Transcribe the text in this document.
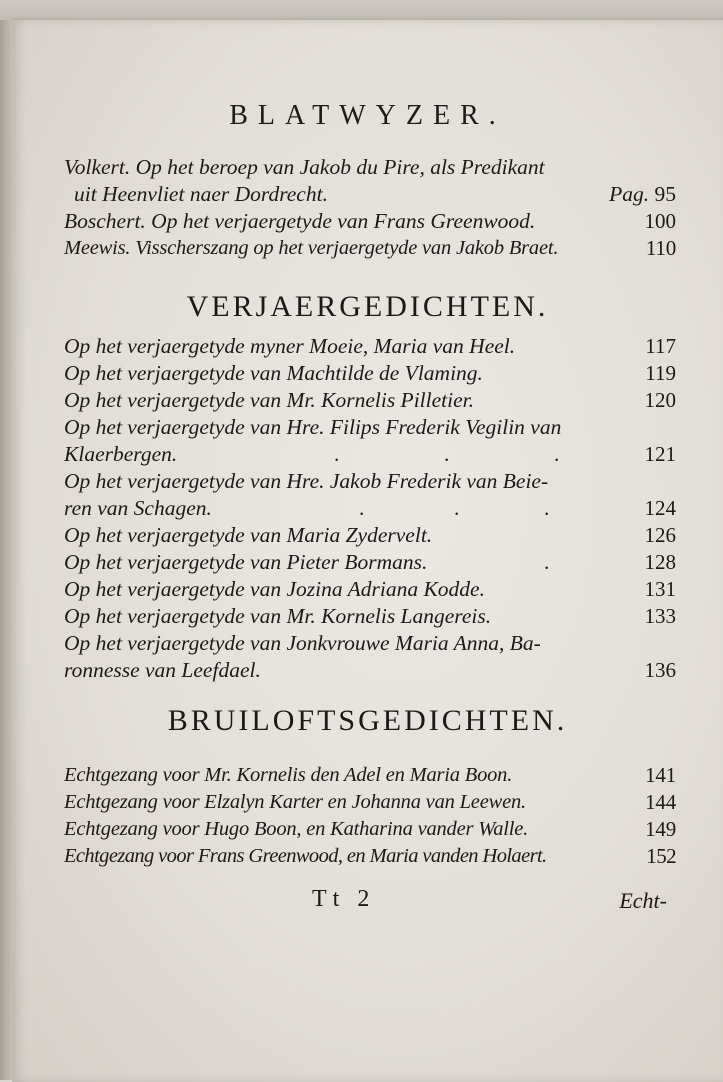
BLATWYZER.
Volkert. Op het beroep van Jakob du Pire, als Predikant
uit Heenvliet naer Dordrecht.	Pag. 95
Boschert. Op het verjaergetyde van Frans Greenwood.	100
Meewis. Visscherszang op het verjaergetyde van Jakob Braet.	110
VERJAERGEDICHTEN.
Op het verjaergetyde myner Moeie, Maria van Heel.	117
Op het verjaergetyde van Machtilde de Vlaming.	119
Op het verjaergetyde van Mr. Kornelis Pilletier.	120
Op het verjaergetyde van Hre. Filips Frederik Vegilin van
Klaerbergen.	.	.	.	121
Op het verjaergetyde van Hre. Jakob Frederik van Beie-
ren van Schagen.	.	.	.	124
Op het verjaergetyde van Maria Zydervelt.	126
Op het verjaergetyde van Pieter Bormans.	.	128
Op het verjaergetyde van Jozina Adriana Kodde.	131
Op het verjaergetyde van Mr. Kornelis Langereis.	133
Op het verjaergetyde van Jonkvrouwe Maria Anna, Ba-
ronnesse van Leefdael.	136
BRUILOFTSGEDICHTEN.
Echtgezang voor Mr. Kornelis den Adel en Maria Boon.	141
Echtgezang voor Elzalyn Karter en Johanna van Leewen.	144
Echtgezang voor Hugo Boon, en Katharina vander Walle.	149
Echtgezang voor Frans Greenwood, en Maria vanden Holaert.	152
Tt 2	Echt-
